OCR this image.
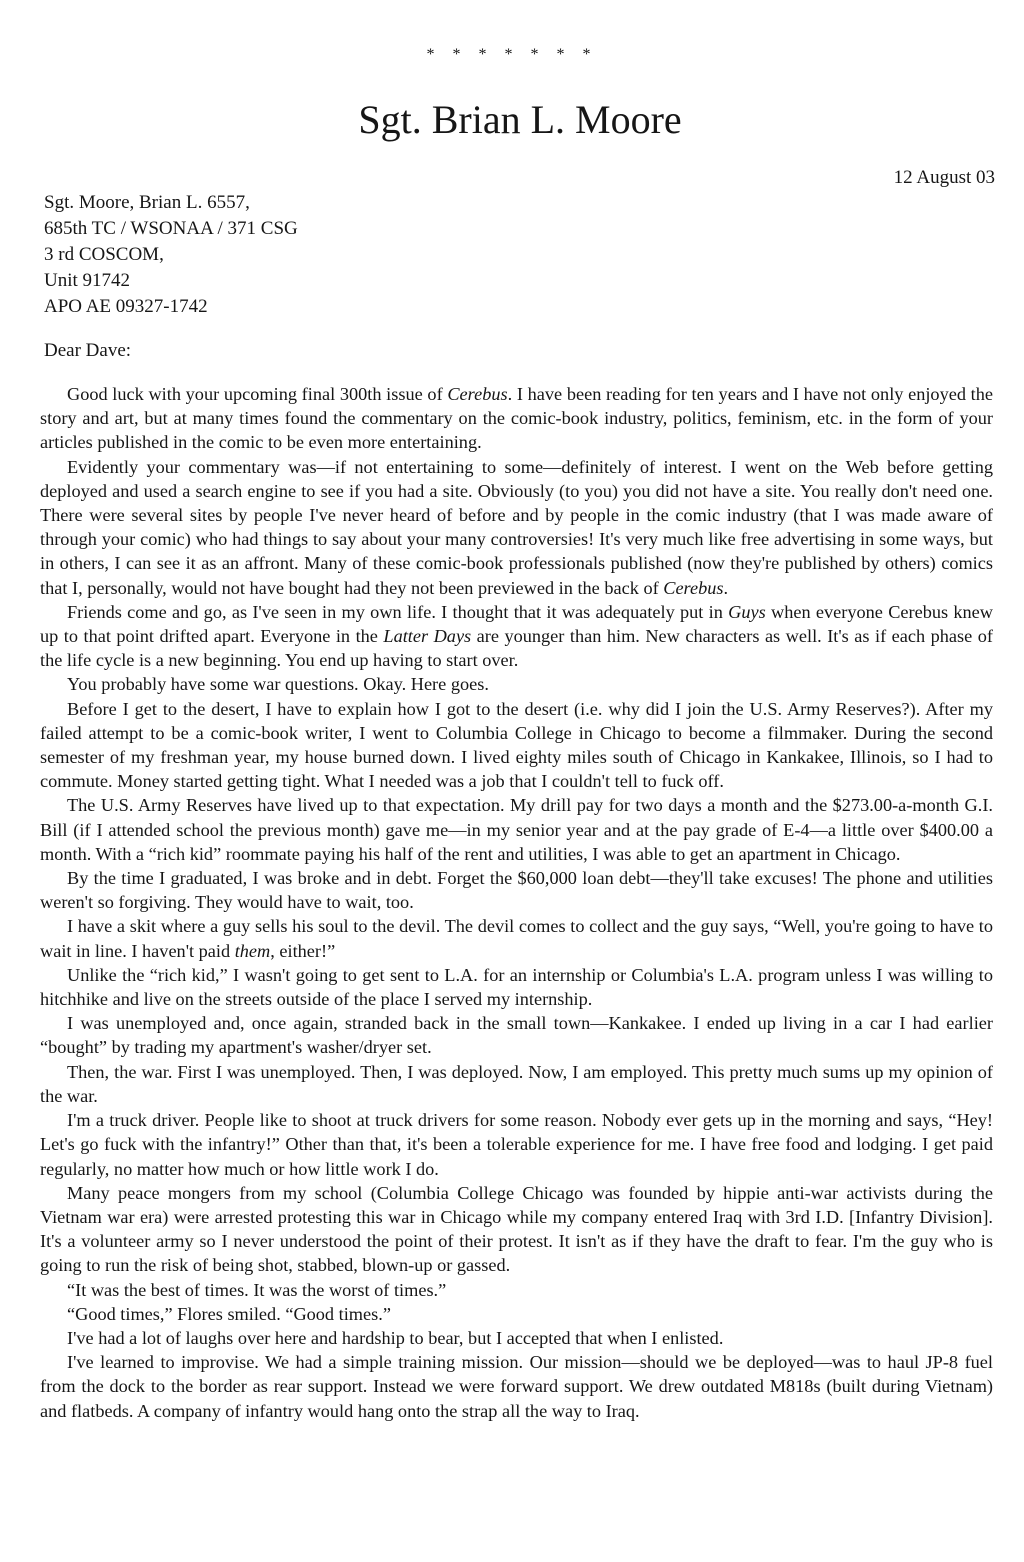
* * * * * * *
Sgt. Brian L. Moore
12 August 03
Sgt. Moore, Brian L. 6557,
685th TC / WSONAA / 371 CSG
3 rd COSCOM,
Unit 91742
APO AE 09327-1742
Dear Dave:

Good luck with your upcoming final 300th issue of Cerebus. I have been reading for ten years and I have not only enjoyed the story and art, but at many times found the commentary on the comic-book industry, politics, feminism, etc. in the form of your articles published in the comic to be even more entertaining.

Evidently your commentary was—if not entertaining to some—definitely of interest. I went on the Web before getting deployed and used a search engine to see if you had a site. Obviously (to you) you did not have a site. You really don't need one. There were several sites by people I've never heard of before and by people in the comic industry (that I was made aware of through your comic) who had things to say about your many controversies! It's very much like free advertising in some ways, but in others, I can see it as an affront. Many of these comic-book professionals published (now they're published by others) comics that I, personally, would not have bought had they not been previewed in the back of Cerebus.

Friends come and go, as I've seen in my own life. I thought that it was adequately put in Guys when everyone Cerebus knew up to that point drifted apart. Everyone in the Latter Days are younger than him. New characters as well. It's as if each phase of the life cycle is a new beginning. You end up having to start over.

You probably have some war questions. Okay. Here goes.

Before I get to the desert, I have to explain how I got to the desert (i.e. why did I join the U.S. Army Reserves?). After my failed attempt to be a comic-book writer, I went to Columbia College in Chicago to become a filmmaker. During the second semester of my freshman year, my house burned down. I lived eighty miles south of Chicago in Kankakee, Illinois, so I had to commute. Money started getting tight. What I needed was a job that I couldn't tell to fuck off.

The U.S. Army Reserves have lived up to that expectation. My drill pay for two days a month and the $273.00-a-month G.I. Bill (if I attended school the previous month) gave me—in my senior year and at the pay grade of E-4—a little over $400.00 a month. With a “rich kid” roommate paying his half of the rent and utilities, I was able to get an apartment in Chicago.

By the time I graduated, I was broke and in debt. Forget the $60,000 loan debt—they'll take excuses! The phone and utilities weren't so forgiving. They would have to wait, too.

I have a skit where a guy sells his soul to the devil. The devil comes to collect and the guy says, “Well, you're going to have to wait in line. I haven't paid them, either!”

Unlike the “rich kid,” I wasn't going to get sent to L.A. for an internship or Columbia's L.A. program unless I was willing to hitchhike and live on the streets outside of the place I served my internship.

I was unemployed and, once again, stranded back in the small town—Kankakee. I ended up living in a car I had earlier “bought” by trading my apartment's washer/dryer set.

Then, the war. First I was unemployed. Then, I was deployed. Now, I am employed. This pretty much sums up my opinion of the war.

I'm a truck driver. People like to shoot at truck drivers for some reason. Nobody ever gets up in the morning and says, “Hey! Let's go fuck with the infantry!” Other than that, it's been a tolerable experience for me. I have free food and lodging. I get paid regularly, no matter how much or how little work I do.

Many peace mongers from my school (Columbia College Chicago was founded by hippie anti-war activists during the Vietnam war era) were arrested protesting this war in Chicago while my company entered Iraq with 3rd I.D. [Infantry Division]. It's a volunteer army so I never understood the point of their protest. It isn't as if they have the draft to fear. I'm the guy who is going to run the risk of being shot, stabbed, blown-up or gassed.

“It was the best of times. It was the worst of times.”

“Good times,” Flores smiled. “Good times.”

I've had a lot of laughs over here and hardship to bear, but I accepted that when I enlisted.

I've learned to improvise. We had a simple training mission. Our mission—should we be deployed—was to haul JP-8 fuel from the dock to the border as rear support. Instead we were forward support. We drew outdated M818s (built during Vietnam) and flatbeds. A company of infantry would hang onto the strap all the way to Iraq.
